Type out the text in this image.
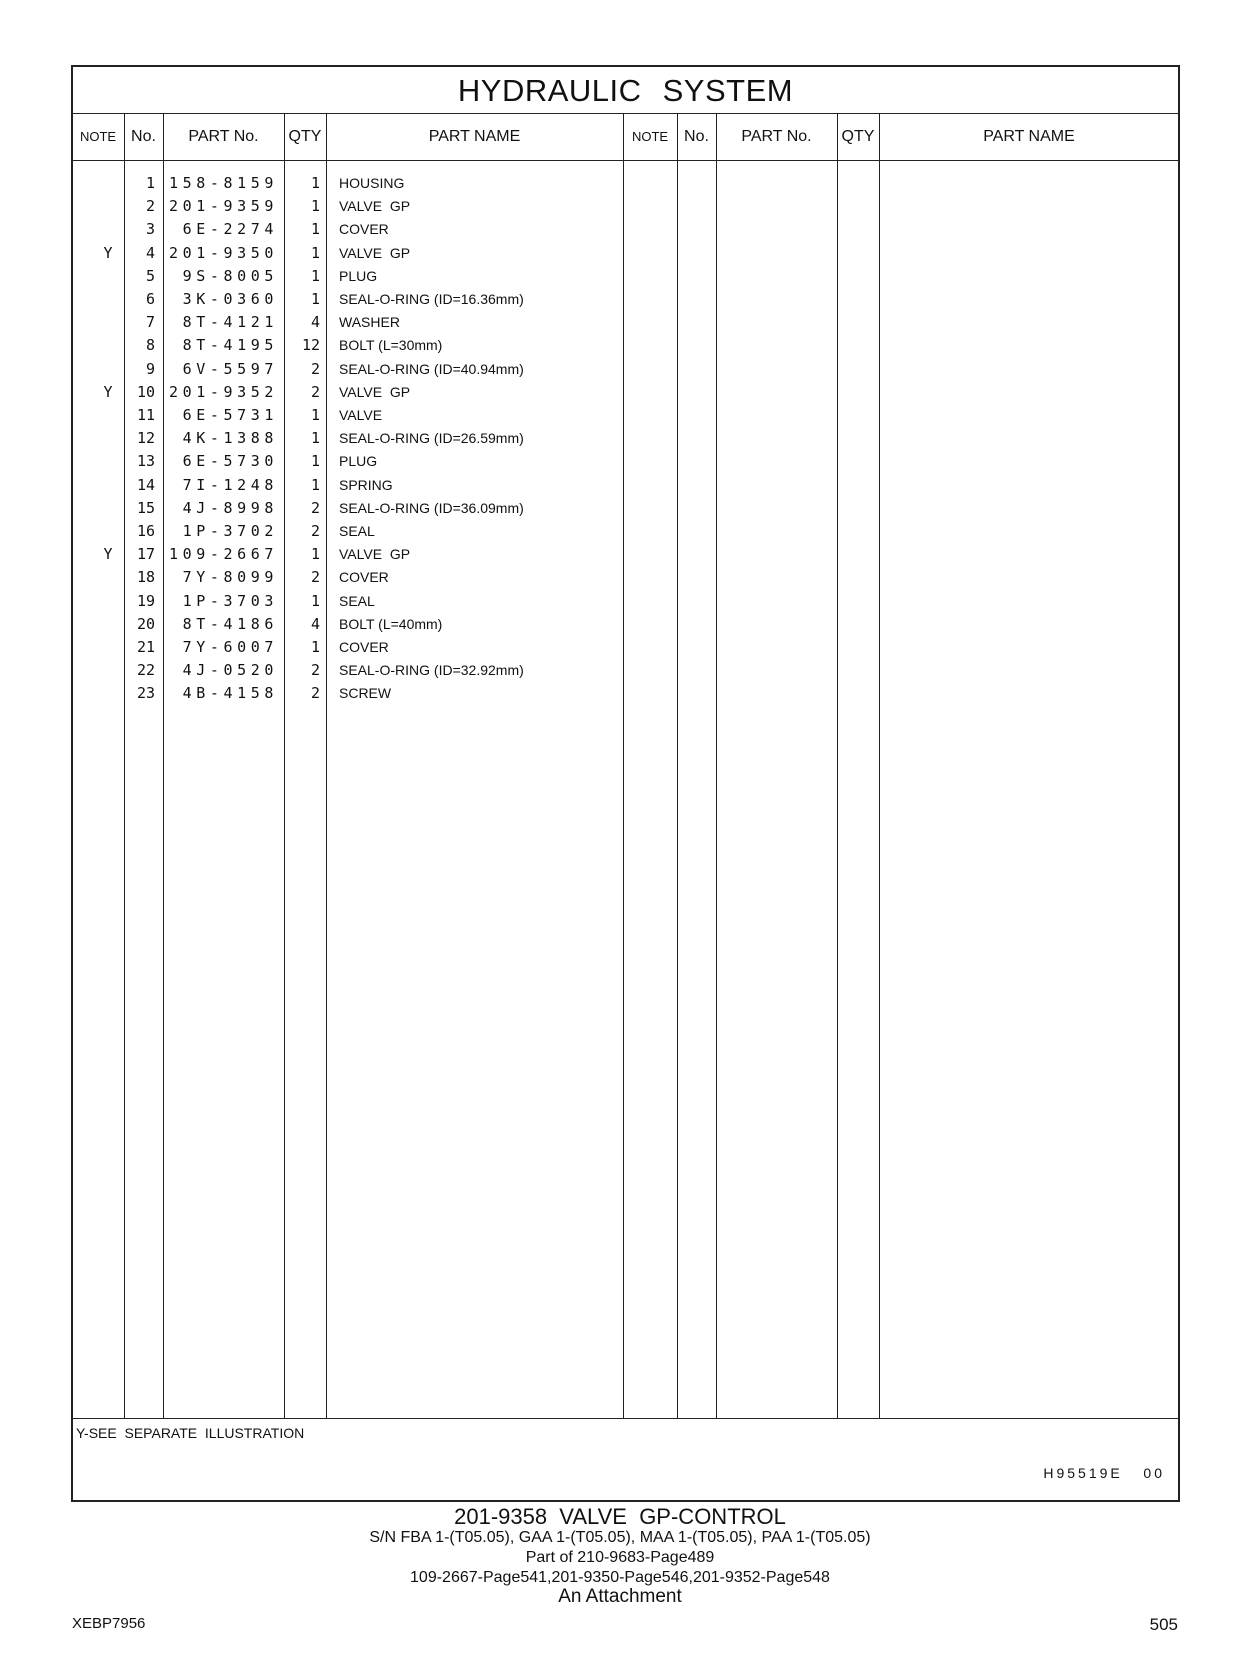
HYDRAULIC SYSTEM
NOTE No.	PART No.	QTY	PART NAME	NOTE No.	PART No.	QTY	PART NAME
1 158-8159	1 HOUSING
2 201-9359	1 VALVE  GP
3	6E-2274	1 COVER
Y	4 201-9350	1 VALVE  GP
5	9S-8005	1 PLUG
6	3K-0360	1 SEAL-O-RING (ID=16.36mm)
7	8T-4121	4 WASHER
8	8T-4195	12 BOLT (L=30mm)
9	6V-5597	2 SEAL-O-RING (ID=40.94mm)
Y	10 201-9352	2 VALVE  GP
11	6E-5731	1 VALVE
12	4K-1388	1 SEAL-O-RING (ID=26.59mm)
13	6E-5730	1 PLUG
14	7I-1248	1 SPRING
15	4J-8998	2 SEAL-O-RING (ID=36.09mm)
16	1P-3702	2 SEAL
Y	17 109-2667	1 VALVE  GP
18	7Y-8099	2 COVER
19	1P-3703	1 SEAL
20	8T-4186	4 BOLT (L=40mm)
21	7Y-6007	1 COVER
22	4J-0520	2 SEAL-O-RING (ID=32.92mm)
23	4B-4158	2 SCREW
Y-SEE  SEPARATE  ILLUSTRATION
H95519E   00
201-9358  VALVE  GP-CONTROL
S/N FBA 1-(T05.05), GAA 1-(T05.05), MAA 1-(T05.05), PAA 1-(T05.05)
Part of 210-9683-Page489
109-2667-Page541,201-9350-Page546,201-9352-Page548
An Attachment
XEBP7956	505
